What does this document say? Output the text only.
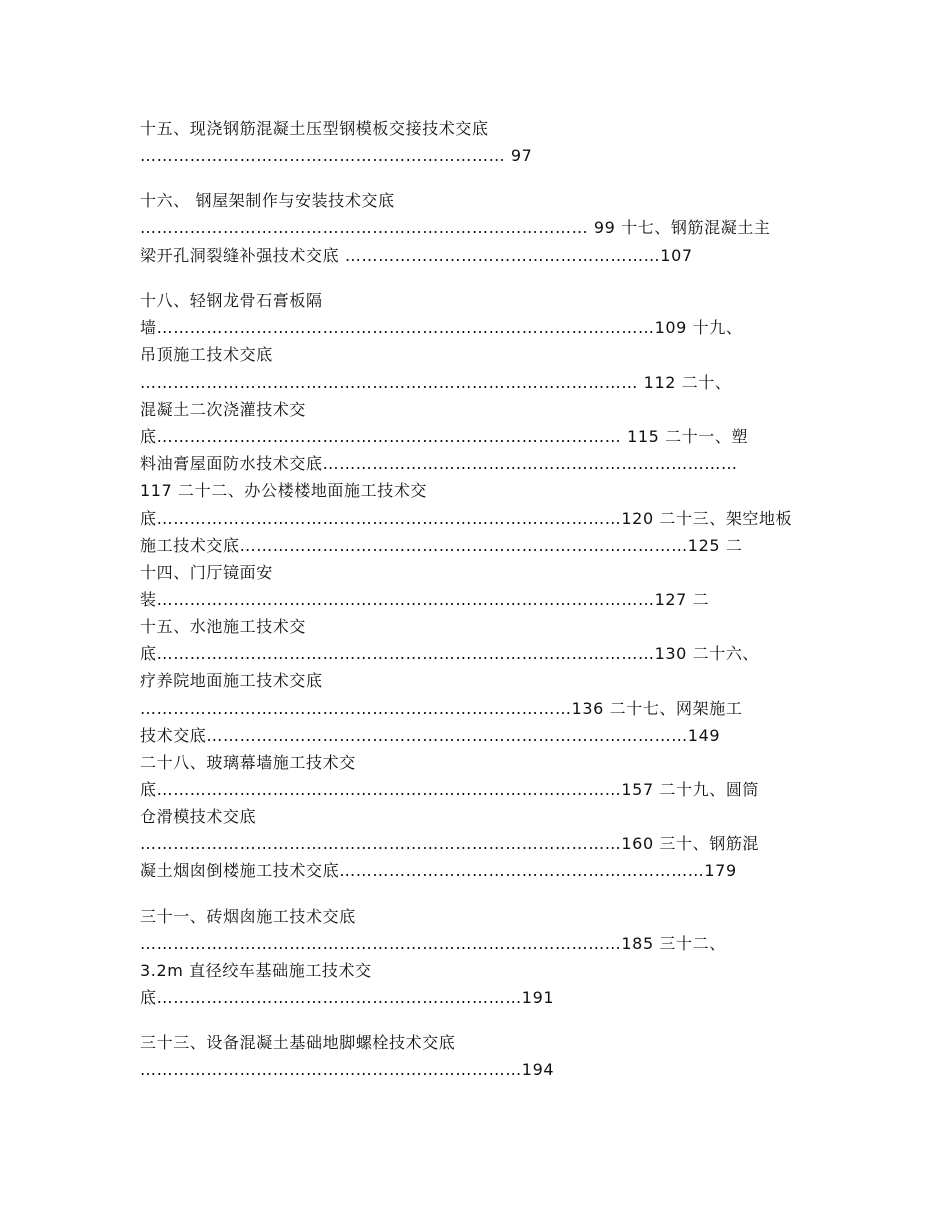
十五、现浇钢筋混凝土压型钢模板交接技术交底
………………………………………………………… 97
十六、 钢屋架制作与安装技术交底
……………………………………………………………………… 99 十七、钢筋混凝土主
梁开孔洞裂缝补强技术交底 …………………………………………………107
十八、轻钢龙骨石膏板隔
墙………………………………………………………………………………109 十九、
吊顶施工技术交底
……………………………………………………………………………… 112 二十、
混凝土二次浇灌技术交
底………………………………………………………………………… 115 二十一、塑
料油膏屋面防水技术交底…………………………………………………………………
117 二十二、办公楼楼地面施工技术交
底…………………………………………………………………………120 二十三、架空地板
施工技术交底………………………………………………………………………125 二
十四、门厅镜面安
装………………………………………………………………………………127 二
十五、水池施工技术交
底………………………………………………………………………………130 二十六、
疗养院地面施工技术交底
……………………………………………………………………136 二十七、网架施工
技术交底……………………………………………………………………………149
二十八、玻璃幕墙施工技术交
底…………………………………………………………………………157 二十九、圆筒
仓滑模技术交底
……………………………………………………………………………160 三十、钢筋混
凝土烟囱倒楼施工技术交底…………………………………………………………179
三十一、砖烟囱施工技术交底
……………………………………………………………………………185 三十二、
3.2m 直径绞车基础施工技术交
底…………………………………………………………191
三十三、设备混凝土基础地脚螺栓技术交底
……………………………………………………………194
